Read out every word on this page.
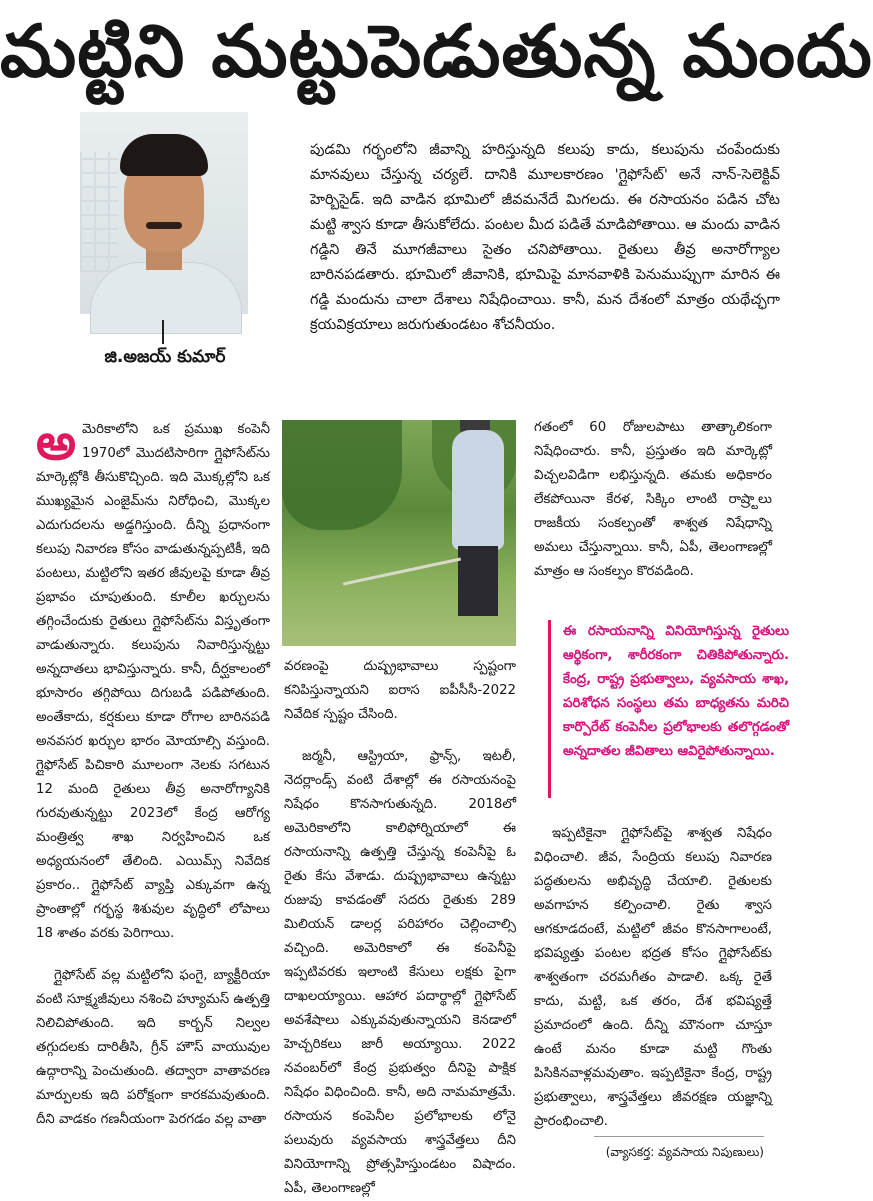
మట్టిని మట్టుపెడుతున్న మందు
జి.అజయ్ కుమార్
పుడమి గర్భంలోని జీవాన్ని హరిస్తున్నది కలుపు కాదు, కలుపును చంపేందుకు మానవులు చేస్తున్న చర్యలే. దానికి మూలకారణం 'గ్లైఫోసేట్' అనే నాన్-సెలెక్టివ్ హెర్బిసైడ్. ఇది వాడిన భూమిలో జీవమనేదే మిగలదు. ఈ రసాయనం పడిన చోట మట్టి శ్వాస కూడా తీసుకోలేదు. పంటల మీద పడితే మాడిపోతాయి. ఆ మందు వాడిన గడ్డిని తినే మూగజీవాలు సైతం చనిపోతాయి. రైతులు తీవ్ర అనారోగ్యాల బారినపడతారు. భూమిలో జీవానికి, భూమిపై మానవాళికి పెనుముప్పుగా మారిన ఈ గడ్డి మందును చాలా దేశాలు నిషేధించాయి. కానీ, మన దేశంలో మాత్రం యథేచ్ఛగా క్రయవిక్రయాలు జరుగుతుండటం శోచనీయం.

అమెరికాలోని ఒక ప్రముఖ కంపెనీ 1970లో మొదటిసారిగా గ్లైఫోసేట్‌ను మార్కెట్లోకి తీసుకొచ్చింది. ఇది మొక్కల్లోని ఒక ముఖ్యమైన ఎంజైమ్‌ను నిరోధించి, మొక్కల ఎదుగుదలను అడ్డగిస్తుంది. దీన్ని ప్రధానంగా కలుపు నివారణ కోసం వాడుతున్నప్పటికీ, ఇది పంటలు, మట్టిలోని ఇతర జీవులపై కూడా తీవ్ర ప్రభావం చూపుతుంది. కూలీల ఖర్చులను తగ్గించేందుకు రైతులు గ్లైఫోసేట్‌ను విస్తృతంగా వాడుతున్నారు. కలుపును నివారిస్తున్నట్టు అన్నదాతలు భావిస్తున్నారు. కానీ, దీర్ఘకాలంలో భూసారం తగ్గిపోయి దిగుబడి పడిపోతుంది. అంతేకాదు, కర్షకులు కూడా రోగాల బారినపడి అనవసర ఖర్చుల భారం మోయాల్సి వస్తుంది. గ్లైఫోసేట్ పిచికారి మూలంగా నెలకు సగటున 12 మంది రైతులు తీవ్ర అనారోగ్యానికి గురవుతున్నట్టు 2023లో కేంద్ర ఆరోగ్య మంత్రిత్వ శాఖ నిర్వహించిన ఒక అధ్యయనంలో తేలింది. ఎయిమ్స్ నివేదిక ప్రకారం.. గ్లైఫోసేట్ వ్యాప్తి ఎక్కువగా ఉన్న ప్రాంతాల్లో గర్భస్థ శిశువుల వృద్ధిలో లోపాలు 18 శాతం వరకు పెరిగాయి.

గ్లైఫోసేట్ వల్ల మట్టిలోని ఫంగై, బ్యాక్టీరియా వంటి సూక్ష్మజీవులు నశించి హ్యూమస్ ఉత్పత్తి నిలిచిపోతుంది. ఇది కార్బన్ నిల్వల తగ్గుదలకు దారితీసి, గ్రీన్ హౌస్ వాయువుల ఉద్గారాన్ని పెంచుతుంది. తద్వారా వాతావరణ మార్పులకు ఇది పరోక్షంగా కారకమవుతుంది. దీని వాడకం గణనీయంగా పెరగడం వల్ల వాతా

వరణంపై దుష్ప్రభావాలు స్పష్టంగా కనిపిస్తున్నాయని ఐరాస ఐపీసీసీ-2022 నివేదిక స్పష్టం చేసింది.

జర్మనీ, ఆస్ట్రియా, ఫ్రాన్స్, ఇటలీ, నెదర్లాండ్స్ వంటి దేశాల్లో ఈ రసాయనంపై నిషేధం కొనసాగుతున్నది. 2018లో అమెరికాలోని కాలిఫోర్నియాలో ఈ రసాయనాన్ని ఉత్పత్తి చేస్తున్న కంపెనీపై ఓ రైతు కేసు వేశాడు. దుష్ప్రభావాలు ఉన్నట్టు రుజువు కావడంతో సదరు రైతుకు 289 మిలియన్ డాలర్ల పరిహారం చెల్లించాల్సి వచ్చింది. అమెరికాలో ఈ కంపెనీపై ఇప్పటివరకు ఇలాంటి కేసులు లక్షకు పైగా దాఖలయ్యాయి. ఆహార పదార్థాల్లో గ్లైఫోసేట్ అవశేషాలు ఎక్కువవుతున్నాయని కెనడాలో హెచ్చరికలు జారీ అయ్యాయి. 2022 నవంబర్‌లో కేంద్ర ప్రభుత్వం దీనిపై పాక్షిక నిషేధం విధించింది. కానీ, అది నామమాత్రమే. రసాయన కంపెనీల ప్రలోభాలకు లోనై పలువురు వ్యవసాయ శాస్త్రవేత్తలు దీని వినియోగాన్ని ప్రోత్సహిస్తుండటం విషాదం. ఏపీ, తెలంగాణల్లో

గతంలో 60 రోజులపాటు తాత్కాలికంగా నిషేధించారు. కానీ, ప్రస్తుతం ఇది మార్కెట్లో విచ్చలవిడిగా లభిస్తున్నది. తమకు అధికారం లేకపోయినా కేరళ, సిక్కిం లాంటి రాష్ర్టాలు రాజకీయ సంకల్పంతో శాశ్వత నిషేధాన్ని అమలు చేస్తున్నాయి. కానీ, ఏపీ, తెలంగాణల్లో మాత్రం ఆ సంకల్పం కొరవడింది.

ఈ రసాయనాన్ని వినియోగిస్తున్న రైతులు ఆర్థికంగా, శారీరకంగా చితికిపోతున్నారు. కేంద్ర, రాష్ట్ర ప్రభుత్వాలు, వ్యవసాయ శాఖ, పరిశోధన సంస్థలు తమ బాధ్యతను మరిచి కార్పొరేట్ కంపెనీల ప్రలోభాలకు తలొగ్గడంతో అన్నదాతల జీవితాలు ఆవిరైపోతున్నాయి.

ఇప్పటికైనా గ్లైఫోసేట్‌పై శాశ్వత నిషేధం విధించాలి. జీవ, సేంద్రియ కలుపు నివారణ పద్ధతులను అభివృద్ధి చేయాలి. రైతులకు అవగాహన కల్పించాలి. రైతు శ్వాస ఆగకూడదంటే, మట్టిలో జీవం కొనసాగాలంటే, భవిష్యత్తు పంటల భద్రత కోసం గ్లైఫోసేట్‌కు శాశ్వతంగా చరమగీతం పాడాలి. ఒక్క రైతే కాదు, మట్టి, ఒక తరం, దేశ భవిష్యత్తే ప్రమాదంలో ఉంది. దీన్ని మౌనంగా చూస్తూ ఉంటే మనం కూడా మట్టి గొంతు పిసికినవాళ్లమవుతాం. ఇప్పటికైనా కేంద్ర, రాష్ట్ర ప్రభుత్వాలు, శాస్త్రవేత్తలు జీవరక్షణ యజ్ఞాన్ని ప్రారంభించాలి.

(వ్యాసకర్త: వ్యవసాయ నిపుణులు)
